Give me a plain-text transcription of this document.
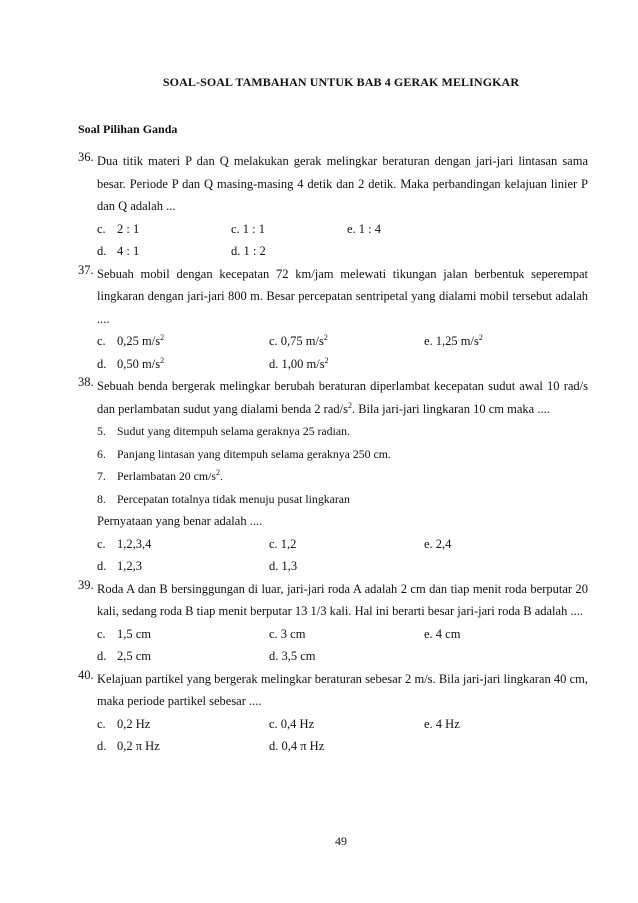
SOAL-SOAL TAMBAHAN UNTUK BAB 4 GERAK MELINGKAR
Soal Pilihan Ganda
36. Dua titik materi P dan Q melakukan gerak melingkar beraturan dengan jari-jari lintasan sama besar. Periode P dan Q masing-masing 4 detik dan 2 detik. Maka perbandingan kelajuan linier P dan Q adalah ...

c. 2 : 1	c. 1 : 1	e. 1 : 4
d. 4 : 1	d. 1 : 2
37. Sebuah mobil dengan kecepatan 72 km/jam melewati tikungan jalan berbentuk seperempat lingkaran dengan jari-jari 800 m. Besar percepatan sentripetal yang dialami mobil tersebut adalah ....

c. 0,25 $m/s^2$	c. 0,75 $m/s^2$	e. 1,25 $m/s^2$
d. 0,50 $m/s^2$	d. 1,00 $m/s^2$
38. Sebuah benda bergerak melingkar berubah beraturan diperlambat kecepatan sudut awal 10 rad/s dan perlambatan sudut yang dialami benda 2 rad/$s^2$. Bila jari-jari lingkaran 10 cm maka ....

5. Sudut yang ditempuh selama geraknya 25 radian.
6. Panjang lintasan yang ditempuh selama geraknya 250 cm.
7. Perlambatan 20 $cm/s^2$.
8. Percepatan totalnya tidak menuju pusat lingkaran
Pernyataan yang benar adalah ....
c. 1,2,3,4	c. 1,2	e. 2,4
d. 1,2,3	d. 1,3
39. Roda A dan B bersinggungan di luar, jari-jari roda A adalah 2 cm dan tiap menit roda berputar 20 kali, sedang roda B tiap menit berputar 13 1/3 kali. Hal ini berarti besar jari-jari roda B adalah ....

c. 1,5 cm	c. 3 cm	e. 4 cm
d. 2,5 cm	d. 3,5 cm
40. Kelajuan partikel yang bergerak melingkar beraturan sebesar 2 m/s. Bila jari-jari lingkaran 40 cm, maka periode partikel sebesar ....

c. 0,2 Hz	c. 0,4 Hz	e. 4 Hz
d. 0,2 π Hz	d. 0,4 π Hz
49
